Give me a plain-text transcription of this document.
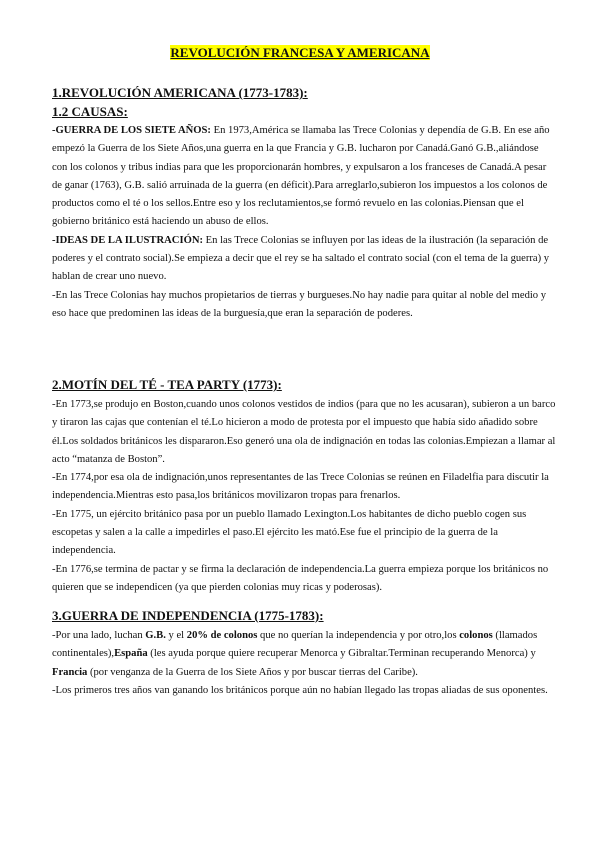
REVOLUCIÓN FRANCESA Y AMERICANA
1.REVOLUCIÓN AMERICANA (1773-1783):
1.2 CAUSAS:

-GUERRA DE LOS SIETE AÑOS: En 1973,América se llamaba las Trece Colonias y dependía de G.B. En ese año empezó la Guerra de los Siete Años,una guerra en la que Francia y G.B. lucharon por Canadá.Ganó G.B.,aliándose con los colonos y tribus indias para que les proporcionarán hombres, y expulsaron a los franceses de Canadá.A pesar de ganar (1763), G.B. salió arruinada de la guerra (en déficit).Para arreglarlo,subieron los impuestos a los colonos de productos como el té o los sellos.Entre eso y los reclutamientos,se formó revuelo en las colonias.Piensan que el gobierno británico está haciendo un abuso de ellos.

-IDEAS DE LA ILUSTRACIÓN: En las Trece Colonias se influyen por las ideas de la ilustración (la separación de poderes y el contrato social).Se empieza a decir que el rey se ha saltado el contrato social (con el tema de la guerra) y hablan de crear uno nuevo.

-En las Trece Colonias hay muchos propietarios de tierras y burgueses.No hay nadie para quitar al noble del medio y eso hace que predominen las ideas de la burguesía,que eran la separación de poderes.

2.MOTÍN DEL TÉ - TEA PARTY (1773):

-En 1773,se produjo en Boston,cuando unos colonos vestidos de indios (para que no les acusaran), subieron a un barco y tiraron las cajas que contenían el té.Lo hicieron a modo de protesta por el impuesto que había sido añadido sobre él.Los soldados británicos les dispararon.Eso generó una ola de indignación en todas las colonias.Empiezan a llamar al acto “matanza de Boston”.

-En 1774,por esa ola de indignación,unos representantes de las Trece Colonias se reúnen en Filadelfia para discutir la independencia.Mientras esto pasa,los británicos movilizaron tropas para frenarlos.

-En 1775, un ejército británico pasa por un pueblo llamado Lexington.Los habitantes de dicho pueblo cogen sus escopetas y salen a la calle a impedirles el paso.El ejército les mató.Ese fue el principio de la guerra de la independencia.

-En 1776,se termina de pactar y se firma la declaración de independencia.La guerra empieza porque los británicos no quieren que se independicen (ya que pierden colonias muy ricas y poderosas).

3.GUERRA DE INDEPENDENCIA (1775-1783):

-Por una lado, luchan G.B. y el 20% de colonos que no querían la independencia y por otro,los colonos (llamados continentales),España (les ayuda porque quiere recuperar Menorca y Gibraltar.Terminan recuperando Menorca) y Francia (por venganza de la Guerra de los Siete Años y por buscar tierras del Caribe).

-Los primeros tres años van ganando los británicos porque aún no habían llegado las tropas aliadas de sus oponentes.
